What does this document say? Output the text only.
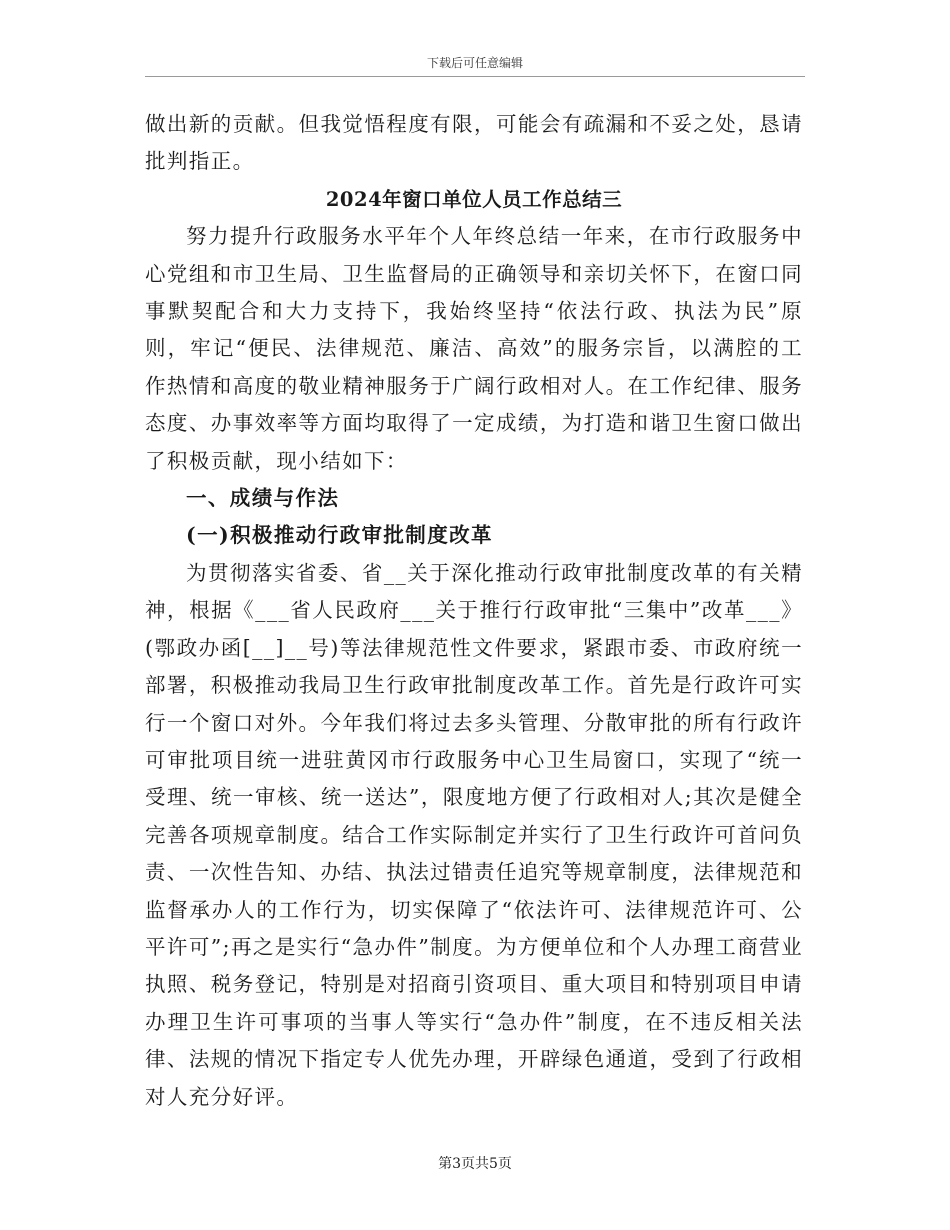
下载后可任意编辑

做出新的贡献。但我觉悟程度有限，可能会有疏漏和不妥之处，恳请批判指正。

2024年窗口单位人员工作总结三

努力提升行政服务水平年个人年终总结一年来，在市行政服务中心党组和市卫生局、卫生监督局的正确领导和亲切关怀下，在窗口同事默契配合和大力支持下，我始终坚持“依法行政、执法为民”原则，牢记“便民、法律规范、廉洁、高效”的服务宗旨，以满腔的工作热情和高度的敬业精神服务于广阔行政相对人。在工作纪律、服务态度、办事效率等方面均取得了一定成绩，为打造和谐卫生窗口做出了积极贡献，现小结如下：

一、成绩与作法

(一)积极推动行政审批制度改革

为贯彻落实省委、省__关于深化推动行政审批制度改革的有关精神，根据《___省人民政府___关于推行行政审批“三集中”改革___》(鄂政办函[__]__号)等法律规范性文件要求，紧跟市委、市政府统一部署，积极推动我局卫生行政审批制度改革工作。首先是行政许可实行一个窗口对外。今年我们将过去多头管理、分散审批的所有行政许可审批项目统一进驻黄冈市行政服务中心卫生局窗口，实现了“统一受理、统一审核、统一送达”，限度地方便了行政相对人;其次是健全完善各项规章制度。结合工作实际制定并实行了卫生行政许可首问负责、一次性告知、办结、执法过错责任追究等规章制度，法律规范和监督承办人的工作行为，切实保障了“依法许可、法律规范许可、公平许可”;再之是实行“急办件”制度。为方便单位和个人办理工商营业执照、税务登记，特别是对招商引资项目、重大项目和特别项目申请办理卫生许可事项的当事人等实行“急办件”制度，在不违反相关法律、法规的情况下指定专人优先办理，开辟绿色通道，受到了行政相对人充分好评。

第3页共5页
